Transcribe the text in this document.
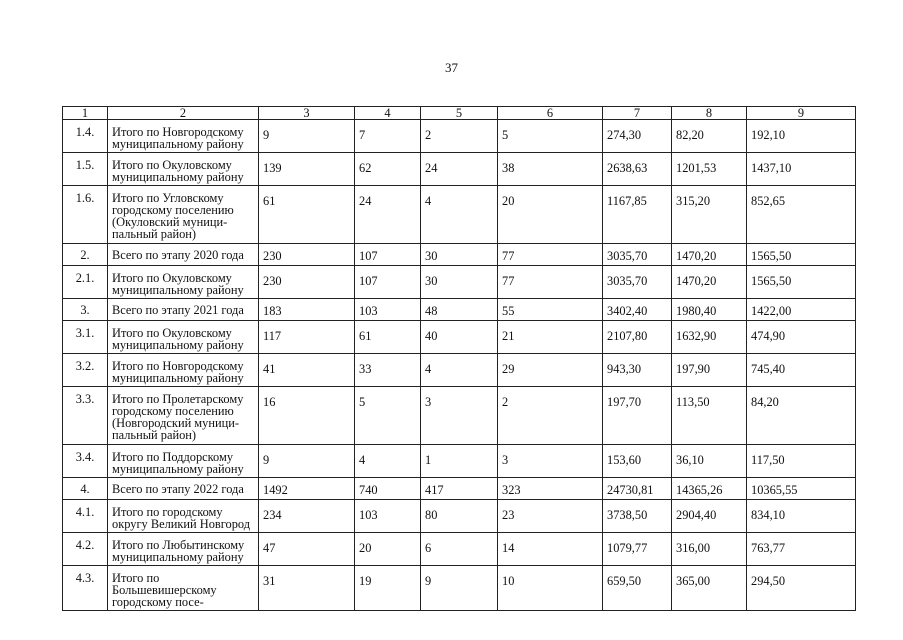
37
1	2	3	4	5	6	7	8	9
1.4.	Итого по Новгородскому муниципальному району	9	7	2	5	274,30	82,20	192,10
1.5.	Итого по Окуловскому муниципальному району	139	62	24	38	2638,63	1201,53	1437,10
1.6.	Итого по Угловскому городскому поселению (Окуловский муници-пальный район)	61	24	4	20	1167,85	315,20	852,65
2.	Всего по этапу 2020 года	230	107	30	77	3035,70	1470,20	1565,50
2.1.	Итого по Окуловскому муниципальному району	230	107	30	77	3035,70	1470,20	1565,50
3.	Всего по этапу 2021 года	183	103	48	55	3402,40	1980,40	1422,00
3.1.	Итого по Окуловскому муниципальному району	117	61	40	21	2107,80	1632,90	474,90
3.2.	Итого по Новгородскому муниципальному району	41	33	4	29	943,30	197,90	745,40
3.3.	Итого по Пролетарскому городскому поселению (Новгородский муници-пальный район)	16	5	3	2	197,70	113,50	84,20
3.4.	Итого по Поддорскому муниципальному району	9	4	1	3	153,60	36,10	117,50
4.	Всего по этапу 2022 года	1492	740	417	323	24730,81	14365,26	10365,55
4.1.	Итого по городскому округу Великий Новгород	234	103	80	23	3738,50	2904,40	834,10
4.2.	Итого по Любытинскому муниципальному району	47	20	6	14	1079,77	316,00	763,77
4.3.	Итого по Большевишерскому городскому посе-	31	19	9	10	659,50	365,00	294,50
